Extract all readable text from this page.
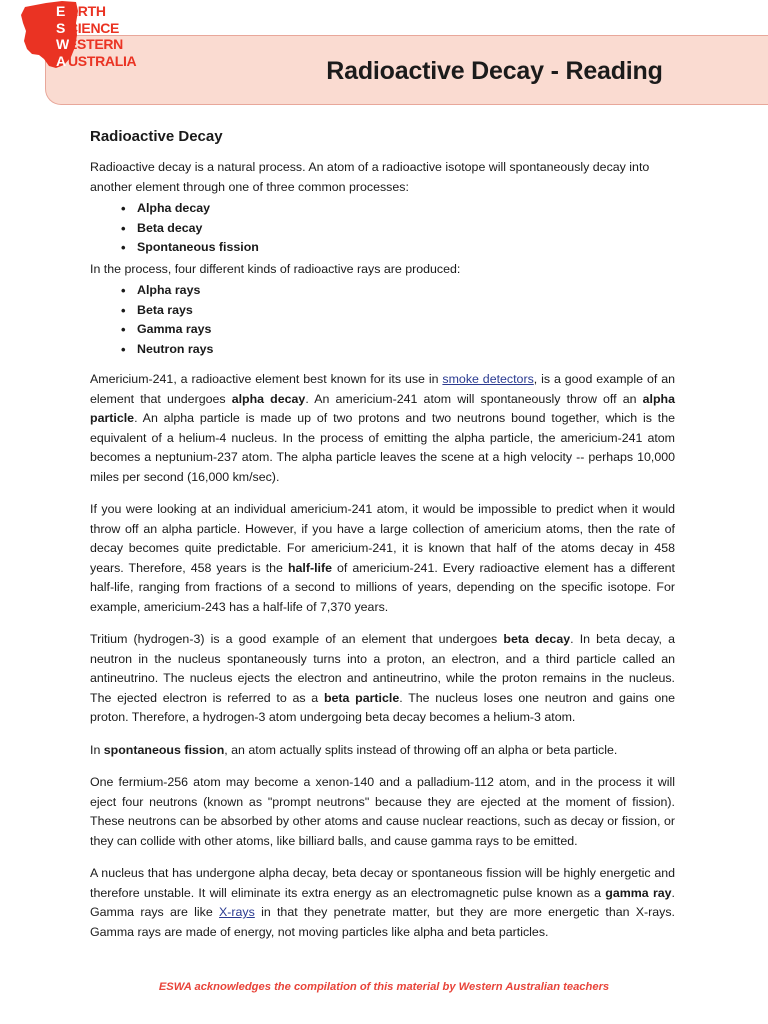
Radioactive Decay - Reading
E ARTH
S CIENCE
W
ESTERN
A USTRALIA
Radioactive Decay

Radioactive decay is a natural process. An atom of a radioactive isotope will spontaneously decay into another element through one of three common processes:

• Alpha decay
• Beta decay
• Spontaneous fission

In the process, four different kinds of radioactive rays are produced:

• Alpha rays
• Beta rays
• Gamma rays
• Neutron rays

Americium-241, a radioactive element best known for its use in smoke detectors, is a good example of an element that undergoes alpha decay. An americium-241 atom will spontaneously throw off an alpha particle. An alpha particle is made up of two protons and two neutrons bound together, which is the equivalent of a helium-4 nucleus. In the process of emitting the alpha particle, the americium-241 atom becomes a neptunium-237 atom. The alpha particle leaves the scene at a high velocity -- perhaps 10,000 miles per second (16,000 km/sec).

If you were looking at an individual americium-241 atom, it would be impossible to predict when it would throw off an alpha particle. However, if you have a large collection of americium atoms, then the rate of decay becomes quite predictable. For americium-241, it is known that half of the atoms decay in 458 years. Therefore, 458 years is the half-life of americium-241. Every radioactive element has a different half-life, ranging from fractions of a second to millions of years, depending on the specific isotope. For example, americium-243 has a half-life of 7,370 years.

Tritium (hydrogen-3) is a good example of an element that undergoes beta decay. In beta decay, a neutron in the nucleus spontaneously turns into a proton, an electron, and a third particle called an antineutrino. The nucleus ejects the electron and antineutrino, while the proton remains in the nucleus. The ejected electron is referred to as a beta particle. The nucleus loses one neutron and gains one proton. Therefore, a hydrogen-3 atom undergoing beta decay becomes a helium-3 atom.

In spontaneous fission, an atom actually splits instead of throwing off an alpha or beta particle.

One fermium-256 atom may become a xenon-140 and a palladium-112 atom, and in the process it will eject four neutrons (known as "prompt neutrons" because they are ejected at the moment of fission). These neutrons can be absorbed by other atoms and cause nuclear reactions, such as decay or fission, or they can collide with other atoms, like billiard balls, and cause gamma rays to be emitted.

A nucleus that has undergone alpha decay, beta decay or spontaneous fission will be highly energetic and therefore unstable. It will eliminate its extra energy as an electromagnetic pulse known as a gamma ray. Gamma rays are like X-rays in that they penetrate matter, but they are more energetic than X-rays. Gamma rays are made of energy, not moving particles like alpha and beta particles.

ESWA acknowledges the compilation of this material by Western Australian teachers
